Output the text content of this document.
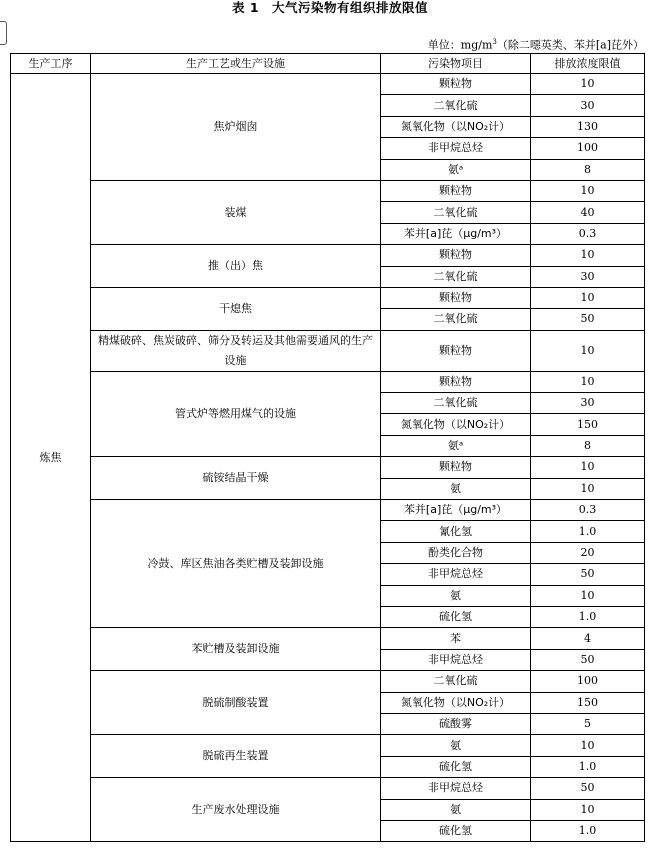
表 1　大气污染物有组织排放限值
单位：$mg/m^3$（除二噁英类、苯并[a]芘外）
生产工序	生产工艺或生产设施	污染物项目	排放浓度限值
炼焦	焦炉烟囱	颗粒物	10
		二氧化硫	30
		氮氧化物（以NO₂计）	130
		非甲烷总烃	100
		氨ᵃ	8
	装煤	颗粒物	10
		二氧化硫	40
		苯并[a]芘（μg/m³）	0.3
	推（出）焦	颗粒物	10
		二氧化硫	30
	干熄焦	颗粒物	10
		二氧化硫	50
	精煤破碎、焦炭破碎、筛分及转运及其他需要通风的生产设施	颗粒物	10
	管式炉等燃用煤气的设施	颗粒物	10
		二氧化硫	30
		氮氧化物（以NO₂计）	150
		氨ᵃ	8
	硫铵结晶干燥	颗粒物	10
		氨	10
	冷鼓、库区焦油各类贮槽及装卸设施	苯并[a]芘（μg/m³）	0.3
		氰化氢	1.0
		酚类化合物	20
		非甲烷总烃	50
		氨	10
		硫化氢	1.0
	苯贮槽及装卸设施	苯	4
		非甲烷总烃	50
	脱硫制酸装置	二氧化硫	100
		氮氧化物（以NO₂计）	150
		硫酸雾	5
	脱硫再生装置	氨	10
		硫化氢	1.0
	生产废水处理设施	非甲烷总烃	50
		氨	10
		硫化氢	1.0
